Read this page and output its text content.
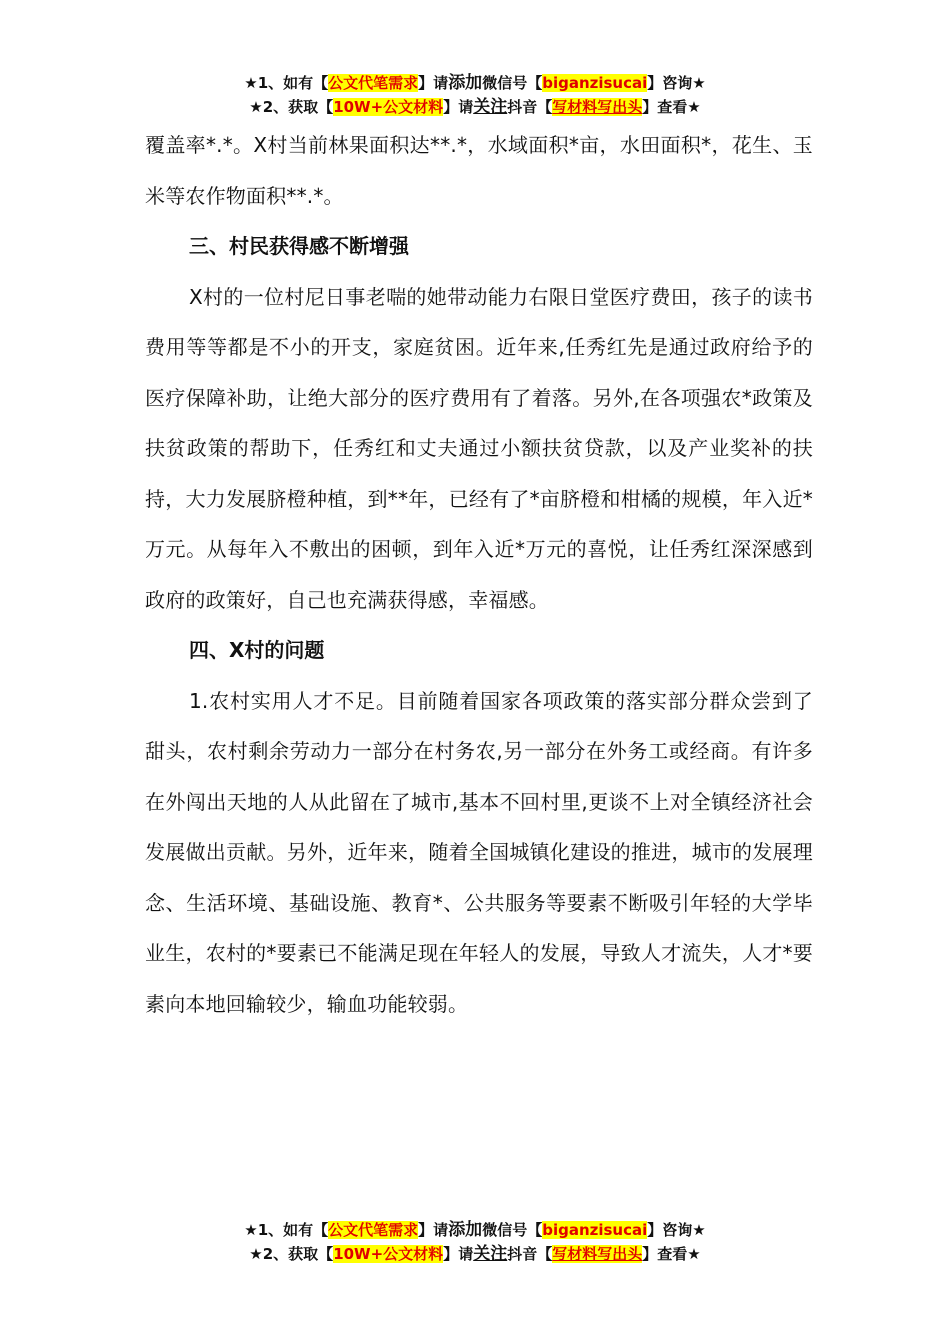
★1、如有【公文代笔需求】请添加微信号【biganzisucai】咨询★
★2、获取【10W+公文材料】请关注抖音【写材料写出头】查看★

覆盖率*.*。X村当前林果面积达**.*，水域面积*亩，水田面积*，花生、玉米等农作物面积**.*。

三、村民获得感不断增强

X村的一位村尼日事老喘的她带动能力右限日堂医疗费田，孩子的读书费用等等都是不小的开支，家庭贫困。近年来,任秀红先是通过政府给予的医疗保障补助，让绝大部分的医疗费用有了着落。另外,在各项强农*政策及扶贫政策的帮助下，任秀红和丈夫通过小额扶贫贷款，以及产业奖补的扶持，大力发展脐橙种植，到**年，已经有了*亩脐橙和柑橘的规模，年入近*万元。从每年入不敷出的困顿，到年入近*万元的喜悦，让任秀红深深感到政府的政策好，自己也充满获得感，幸福感。

四、X村的问题

1.农村实用人才不足。目前随着国家各项政策的落实部分群众尝到了甜头，农村剩余劳动力一部分在村务农,另一部分在外务工或经商。有许多在外闯出天地的人从此留在了城市,基本不回村里,更谈不上对全镇经济社会发展做出贡献。另外，近年来，随着全国城镇化建设的推进，城市的发展理念、生活环境、基础设施、教育*、公共服务等要素不断吸引年轻的大学毕业生，农村的*要素已不能满足现在年轻人的发展，导致人才流失，人才*要素向本地回输较少，输血功能较弱。

★1、如有【公文代笔需求】请添加微信号【biganzisucai】咨询★
★2、获取【10W+公文材料】请关注抖音【写材料写出头】查看★
